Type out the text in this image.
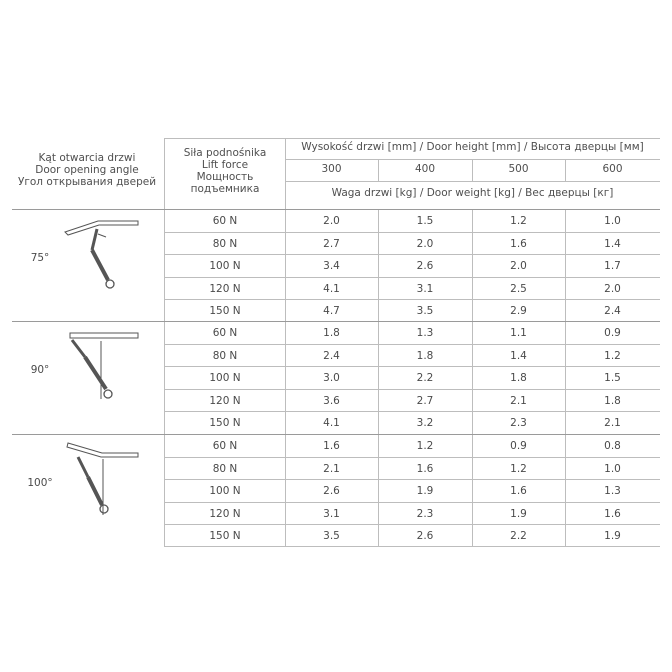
Kąt otwarcia drzwi
Door opening angle
Угол открывания дверей
Siła podnośnika
Lift force
Мощность
подъемника
Wysokość drzwi [mm] / Door height [mm] / Высота дверцы [мм]
300	400	500	600
Waga drzwi [kg] / Door weight [kg] / Вес дверцы [кг]
75°
60 N	2.0	1.5	1.2	1.0
80 N	2.7	2.0	1.6	1.4
100 N	3.4	2.6	2.0	1.7
120 N	4.1	3.1	2.5	2.0
150 N	4.7	3.5	2.9	2.4
90°
60 N	1.8	1.3	1.1	0.9
80 N	2.4	1.8	1.4	1.2
100 N	3.0	2.2	1.8	1.5
120 N	3.6	2.7	2.1	1.8
150 N	4.1	3.2	2.3	2.1
100°
60 N	1.6	1.2	0.9	0.8
80 N	2.1	1.6	1.2	1.0
100 N	2.6	1.9	1.6	1.3
120 N	3.1	2.3	1.9	1.6
150 N	3.5	2.6	2.2	1.9
